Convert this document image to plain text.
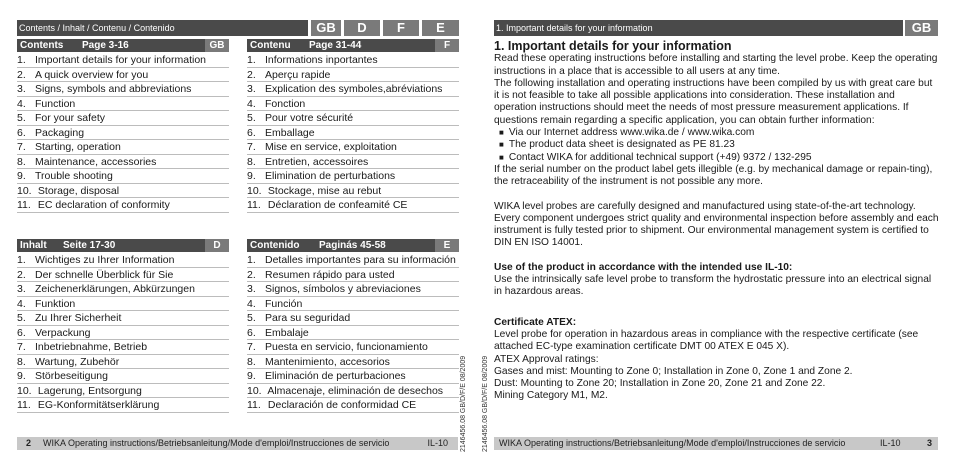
Contents / Inhalt / Contenu / Contenido	GB	D	F	E
Contents Page 3-16	GB
1. Important details for your information
2. A quick overview for you
3. Signs, symbols and abbreviations
4. Function
5. For your safety
6. Packaging
7. Starting, operation
8. Maintenance, accessories
9. Trouble shooting
10. Storage, disposal
11. EC declaration of conformity
Contenu Page 31-44	F
1. Informations inportantes
2. Aperçu rapide
3. Explication des symboles,abréviations
4. Fonction
5. Pour votre sécurité
6. Emballage
7. Mise en service, exploitation
8. Entretien, accessoires
9. Elimination de perturbations
10. Stockage, mise au rebut
11. Déclaration de confeamité CE
Inhalt Seite 17-30	D
1. Wichtiges zu Ihrer Information
2. Der schnelle Überblick für Sie
3. Zeichenerklärungen, Abkürzungen
4. Funktion
5. Zu Ihrer Sicherheit
6. Verpackung
7. Inbetriebnahme, Betrieb
8. Wartung, Zubehör
9. Störbeseitigung
10. Lagerung, Entsorgung
11. EG-Konformitätserklärung
Contenido Paginás 45-58	E
1. Detalles importantes para su información
2. Resumen rápido para usted
3. Signos, símbolos y abreviaciones
4. Función
5. Para su seguridad
6. Embalaje
7. Puesta en servicio, funcionamiento
8. Mantenimiento, accesorios
9. Eliminación de perturbaciones
10. Almacenaje, eliminación de desechos
11. Declaración de conformidad CE	2146456.08 GB/D/F/E 08/2009
2 WIKA Operating instructions/Betriebsanleitung/Mode d'emploi/Instrucciones de servicio	IL-10
1. Important details for your information	GB
1. Important details for your information

Read these operating instructions before installing and starting the level probe. Keep the operating instructions in a place that is accessible to all users at any time.

The following installation and operating instructions have been compiled by us with great care but it is not feasible to take all possible applications into consideration. These installation and operation instructions should meet the needs of most pressure measurement applications. If questions remain regarding a specific application, you can obtain further information:

■ Via our Internet address www.wika.de / www.wika.com

■ The product data sheet is designated as PE 81.23

■ Contact WIKA for additional technical support (+49) 9372 / 132-295

If the serial number on the product label gets illegible (e.g. by mechanical damage or repain-ting), the retraceability of the instrument is not possible any more.

WIKA level probes are carefully designed and manufactured using state-of-the-art technology. Every component undergoes strict quality and environmental inspection before assembly and each instrument is fully tested prior to shipment. Our environmental management system is certified to DIN EN ISO 14001.

Use of the product in accordance with the intended use IL-10:

Use the intrinsically safe level probe to transform the hydrostatic pressure into an electrical signal in hazardous areas.

Certificate ATEX:

Level probe for operation in hazardous areas in compliance with the respective certificate (see attached EC-type examination certificate DMT 00 ATEX E 045 X).

ATEX Approval ratings:

Gases and mist: Mounting to Zone 0; Installation in Zone 0, Zone 1 and Zone 2.

Dust: Mounting to Zone 20; Installation in Zone 20, Zone 21 and Zone 22.

Mining Category M1, M2.

2146456.08 GB/D/F/E 08/2009 WIKA Operating instructions/Betriebsanleitung/Mode d'emploi/Instrucciones de servicio	IL-10	3
